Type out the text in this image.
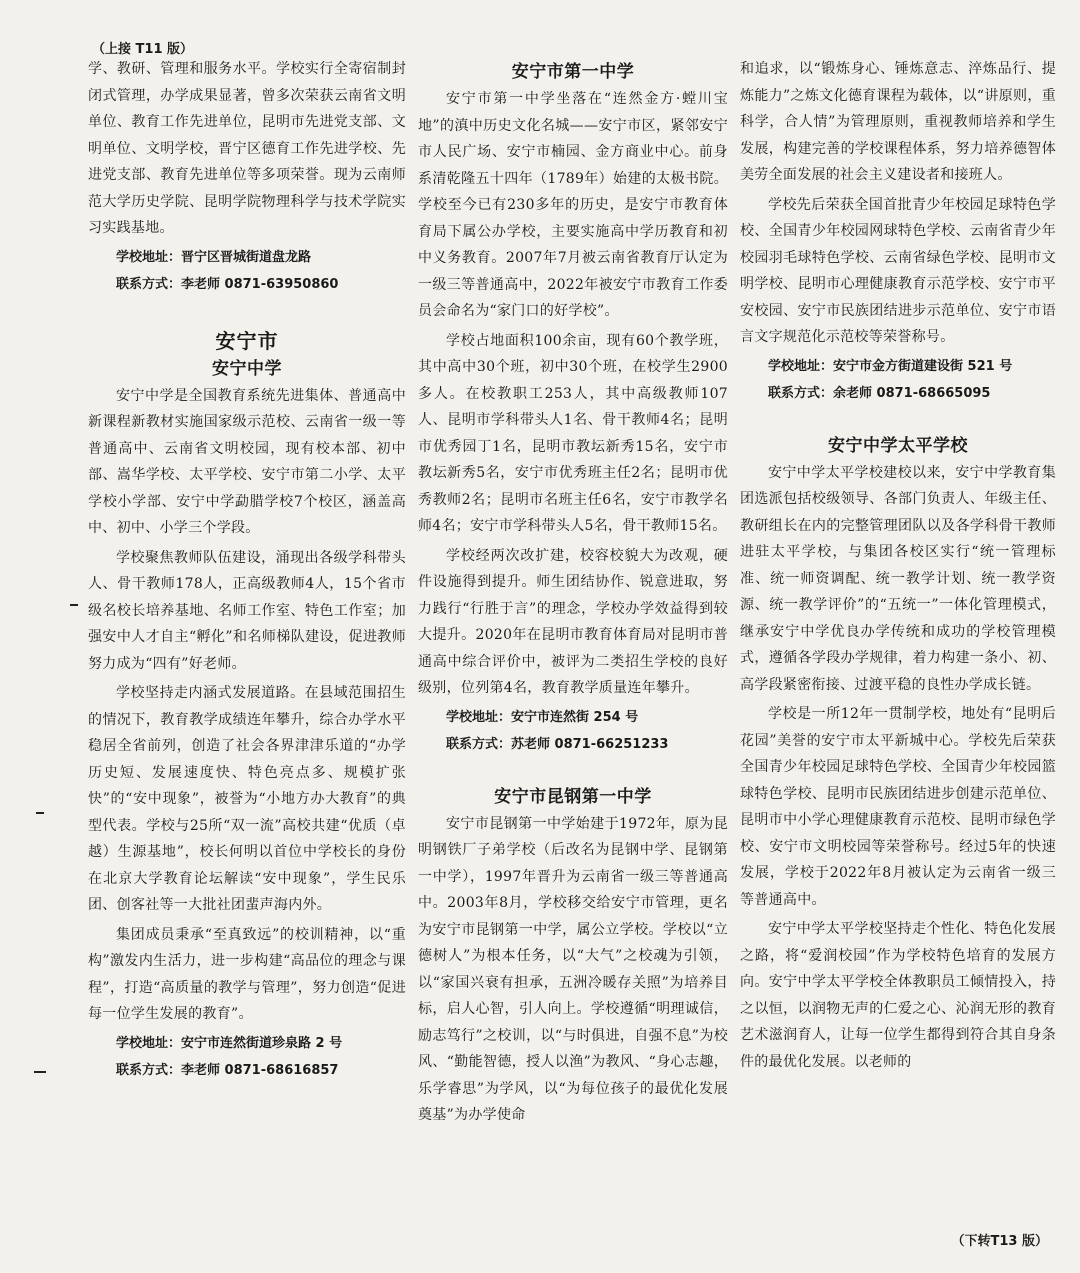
（上接 T11 版）

学、教研、管理和服务水平。学校实行全寄宿制封闭式管理，办学成果显著，曾多次荣获云南省文明单位、教育工作先进单位，昆明市先进党支部、文明单位、文明学校，晋宁区德育工作先进学校、先进党支部、教育先进单位等多项荣誉。现为云南师范大学历史学院、昆明学院物理科学与技术学院实习实践基地。

学校地址：晋宁区晋城街道盘龙路
联系方式：李老师 0871-63950860
安宁市
安宁中学

安宁中学是全国教育系统先进集体、普通高中新课程新教材实施国家级示范校、云南省一级一等普通高中、云南省文明校园，现有校本部、初中部、嵩华学校、太平学校、安宁市第二小学、太平学校小学部、安宁中学勐腊学校7个校区，涵盖高中、初中、小学三个学段。

学校聚焦教师队伍建设，涌现出各级学科带头人、骨干教师178人，正高级教师4人，15个省市级名校长培养基地、名师工作室、特色工作室；加强安中人才自主“孵化”和名师梯队建设，促进教师努力成为“四有”好老师。

学校坚持走内涵式发展道路。在县域范围招生的情况下，教育教学成绩连年攀升，综合办学水平稳居全省前列，创造了社会各界津津乐道的“办学历史短、发展速度快、特色亮点多、规模扩张快”的“安中现象”，被誉为“小地方办大教育”的典型代表。学校与25所“双一流”高校共建“优质（卓越）生源基地”，校长何明以首位中学校长的身份在北京大学教育论坛解读“安中现象”，学生民乐团、创客社等一大批社团蜚声海内外。

集团成员秉承“至真致远”的校训精神，以“重构”激发内生活力，进一步构建“高品位的理念与课程”，打造“高质量的教学与管理”，努力创造“促进每一位学生发展的教育”。

学校地址：安宁市连然街道珍泉路 2 号
联系方式：李老师 0871-68616857
安宁市第一中学

安宁市第一中学坐落在“连然金方·螳川宝地”的滇中历史文化名城——安宁市区，紧邻安宁市人民广场、安宁市楠园、金方商业中心。前身系清乾隆五十四年（1789年）始建的太极书院。学校至今已有230多年的历史，是安宁市教育体育局下属公办学校，主要实施高中学历教育和初中义务教育。2007年7月被云南省教育厅认定为一级三等普通高中，2022年被安宁市教育工作委员会命名为“家门口的好学校”。

学校占地面积100余亩，现有60个教学班，其中高中30个班，初中30个班，在校学生2900多人。在校教职工253人，其中高级教师107人、昆明市学科带头人1名、骨干教师4名；昆明市优秀园丁1名，昆明市教坛新秀15名，安宁市教坛新秀5名，安宁市优秀班主任2名；昆明市优秀教师2名；昆明市名班主任6名，安宁市教学名师4名；安宁市学科带头人5名，骨干教师15名。

学校经两次改扩建，校容校貌大为改观，硬件设施得到提升。师生团结协作、锐意进取，努力践行“行胜于言”的理念，学校办学效益得到较大提升。2020年在昆明市教育体育局对昆明市普通高中综合评价中，被评为二类招生学校的良好级别，位列第4名，教育教学质量连年攀升。

学校地址：安宁市连然街 254 号
联系方式：苏老师 0871-66251233
安宁市昆钢第一中学

安宁市昆钢第一中学始建于1972年，原为昆明钢铁厂子弟学校（后改名为昆钢中学、昆钢第一中学），1997年晋升为云南省一级三等普通高中。2003年8月，学校移交给安宁市管理，更名为安宁市昆钢第一中学，属公立学校。学校以“立德树人”为根本任务，以“大气”之校魂为引领，以“家国兴衰有担承，五洲冷暖存关照”为培养目标，启人心智，引人向上。学校遵循“明理诚信，励志笃行”之校训，以“与时俱进，自强不息”为校风、“勤能智德，授人以渔”为教风、“身心志趣，乐学睿思”为学风，以“为每位孩子的最优化发展奠基”为办学使命

和追求，以“锻炼身心、锤炼意志、淬炼品行、提炼能力”之炼文化德育课程为载体，以“讲原则，重科学，合人情”为管理原则，重视教师培养和学生发展，构建完善的学校课程体系，努力培养德智体美劳全面发展的社会主义建设者和接班人。

学校先后荣获全国首批青少年校园足球特色学校、全国青少年校园网球特色学校、云南省青少年校园羽毛球特色学校、云南省绿色学校、昆明市文明学校、昆明市心理健康教育示范学校、安宁市平安校园、安宁市民族团结进步示范单位、安宁市语言文字规范化示范校等荣誉称号。

学校地址：安宁市金方街道建设街 521 号
联系方式：余老师 0871-68665095
安宁中学太平学校

安宁中学太平学校建校以来，安宁中学教育集团选派包括校级领导、各部门负责人、年级主任、教研组长在内的完整管理团队以及各学科骨干教师进驻太平学校，与集团各校区实行“统一管理标准、统一师资调配、统一教学计划、统一教学资源、统一教学评价”的“五统一”一体化管理模式，继承安宁中学优良办学传统和成功的学校管理模式，遵循各学段办学规律，着力构建一条小、初、高学段紧密衔接、过渡平稳的良性办学成长链。

学校是一所12年一贯制学校，地处有“昆明后花园”美誉的安宁市太平新城中心。学校先后荣获全国青少年校园足球特色学校、全国青少年校园篮球特色学校、昆明市民族团结进步创建示范单位、昆明市中小学心理健康教育示范校、昆明市绿色学校、安宁市文明校园等荣誉称号。经过5年的快速发展，学校于2022年8月被认定为云南省一级三等普通高中。

安宁中学太平学校坚持走个性化、特色化发展之路，将“爱润校园”作为学校特色培育的发展方向。安宁中学太平学校全体教职员工倾情投入，持之以恒，以润物无声的仁爱之心、沁润无形的教育艺术滋润育人，让每一位学生都得到符合其自身条件的最优化发展。以老师的

（下转T13 版）
